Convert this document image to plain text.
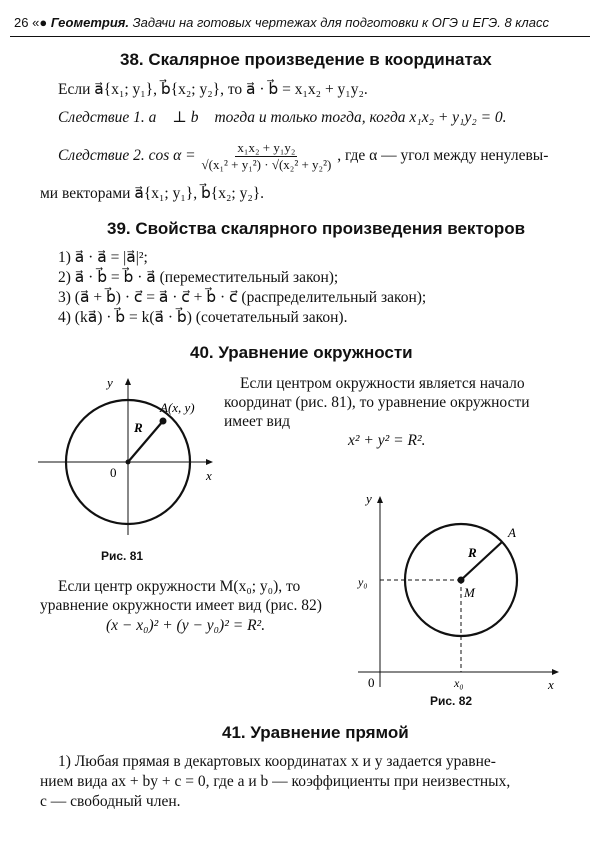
26 «● Геометрия. Задачи на готовых чертежах для подготовки к ОГЭ и ЕГЭ. 8 класс
38. Скалярное произведение в координатах
Если a⃗{x₁; y₁}, b⃗{x₂; y₂}, то a⃗ · b⃗ = x₁x₂ + y₁y₂.
Следствие 1. a⃗ ⊥ b⃗ тогда и только тогда, когда x₁x₂ + y₁y₂ = 0.
Следствие 2. $\cos \alpha = \frac{\text{x₁x₂ + y₁y₂}}{\text{√(x₁² + y₁²) · √(x₂² + y₂²)}}$ , где α — угол между ненулевы-
ми векторами a⃗{x₁; y₁}, b⃗{x₂; y₂}.
39. Свойства скалярного произведения векторов
1) a⃗ · a⃗ = |a⃗|²;
2) a⃗ · b⃗ = b⃗ · a⃗ (переместительный закон);
3) (a⃗ + b⃗) · c⃗ = a⃗ · c⃗ + b⃗ · c⃗ (распределительный закон);
4) (ka⃗) · b⃗ = k(a⃗ · b⃗) (сочетательный закон).
40. Уравнение окружности
Если центром окружности является начало
координат (рис. 81), то уравнение окружности
имеет вид
x² + y² = R².
y
x
0
R
A(x, y)
Рис. 81
Если центр окружности M(x₀; y₀), то
уравнение окружности имеет вид (рис. 82)
(x − x₀)² + (y − y₀)² = R².
y
x
0
R
A
M
y₀
x₀
Рис. 82
41. Уравнение прямой
1) Любая прямая в декартовых координатах x и y задается уравне-
нием вида ax + by + c = 0, где a и b — коэффициенты при неизвестных,
c — свободный член.
